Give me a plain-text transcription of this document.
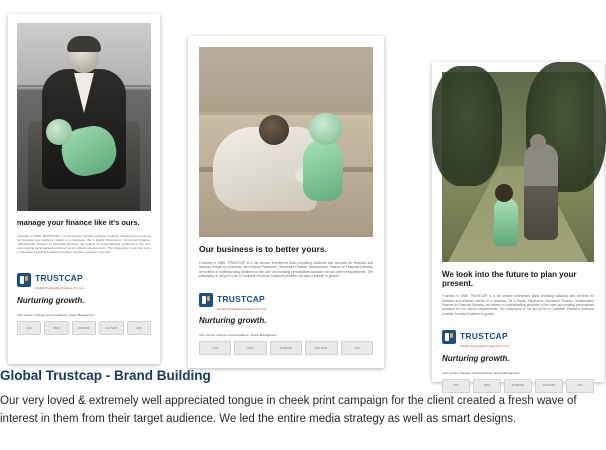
manage your finance like it's ours.
Founded in 1989, TRUSTCAP is a full service Investment Bank providing solutions and services for financial and advisory needs of a business. Be it Equity Placement, Structured Finance, Infrastructure Finance or Financial Advisory, we believe in understanding problems to the core and creating personalised solutions for our client's requirements. The philosophy is not just to be a Complete Financial Solutions provider, but also a partner in growth.
TRUSTCAP
Global Trustcapital Finance Pvt. Ltd.
Nurturing growth.
Joint venture • Mergers and Acquisitions • Equity Management
ICICI	HDFC	MOBIKWIK	RAK BANK	AXIS
Our business is to better yours.
Founded in 1989, TRUSTCAP is a full service Investment Bank providing solutions and services for financial and advisory needs of a business. Be it Equity Placement, Structured Finance, Infrastructure Finance or Financial Advisory, we believe in understanding problems to the core and creating personalised solutions for our client's requirements. The philosophy is not just to be a Complete Financial Solutions provider, but also a partner in growth.
TRUSTCAP
Global Trustcapital Finance Pvt. Ltd.
Nurturing growth.
Joint venture • Mergers and Acquisitions • Equity Management
ICICI	HDFC	MOBIKWIK	RAK BANK	AXIS
We look into the future to plan your present.
Founded in 1989, TRUSTCAP is a full service Investment Bank providing solutions and services for financial and advisory needs of a business. Be it Equity Placement, Structured Finance, Infrastructure Finance or Financial Advisory, we believe in understanding problems to the core and creating personalised solutions for our client's requirements. The philosophy is not just to be a Complete Financial Solutions provider, but also a partner in growth.
TRUSTCAP
Global Trustcapital Finance Pvt. Ltd.
Nurturing growth.
Joint venture • Mergers and Acquisitions • Equity Management
ICICI	HDFC	MOBIKWIK	RAK BANK	AXIS
Global Trustcap - Brand Building
Our very loved & extremely well appreciated tongue in cheek print campaign for the client created a fresh wave of interest in them from their target audience. We led the entire media strategy as well as smart designs.
